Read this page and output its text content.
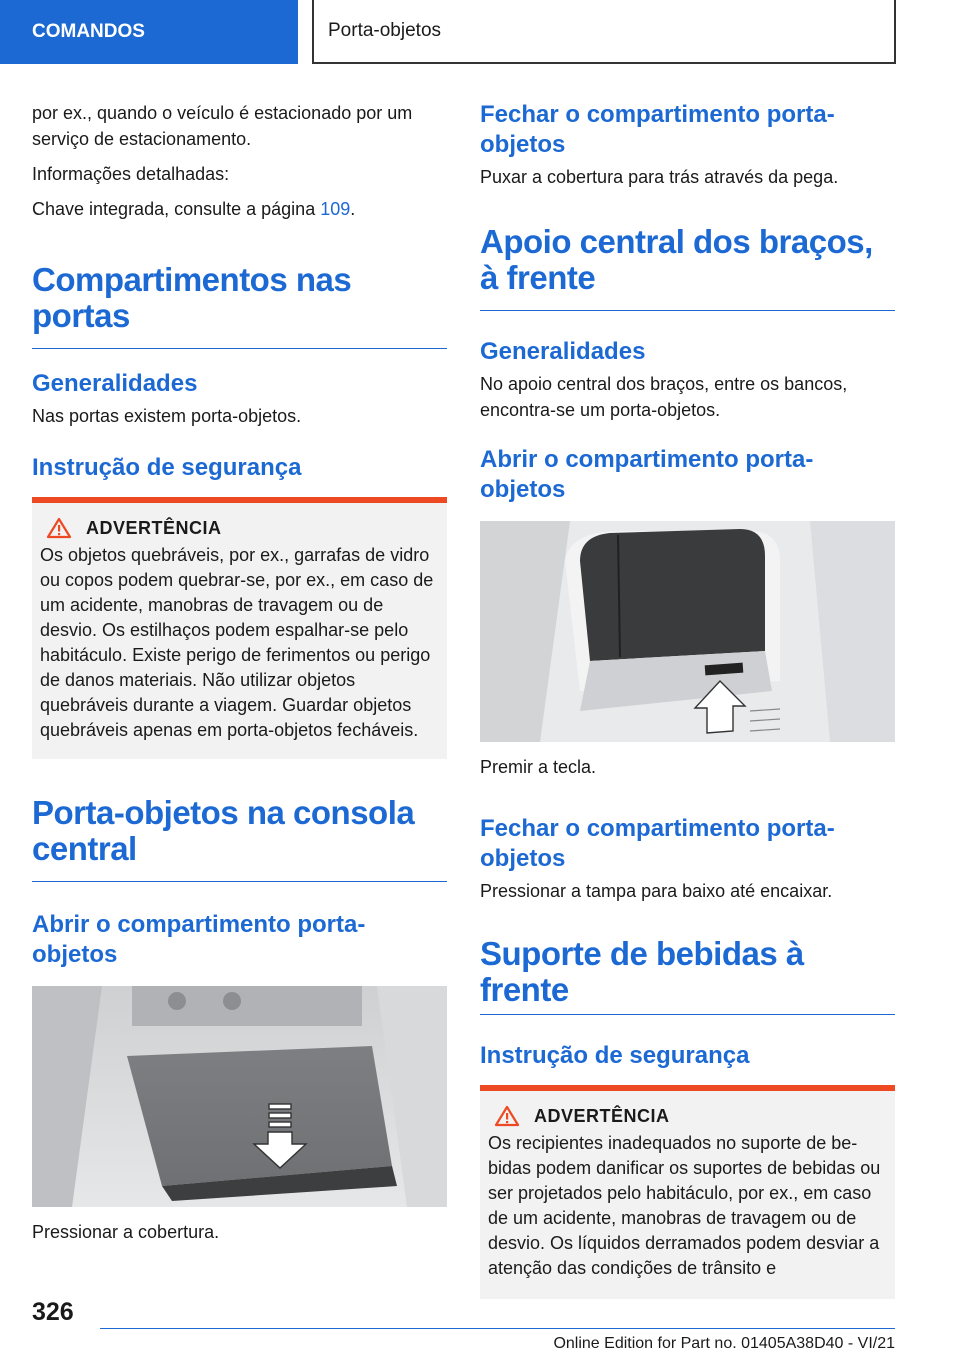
COMANDOS	Porta-objetos

por ex., quando o veículo é estacionado por um serviço de estacionamento.

Informações detalhadas:

Chave integrada, consulte a página 109.

Compartimentos nas portas
Generalidades

Nas portas existem porta-objetos.

Instrução de segurança
ADVERTÊNCIA

Os objetos quebráveis, por ex., garrafas de vidro ou copos podem quebrar-se, por ex., em caso de um acidente, manobras de travagem ou de desvio. Os estilhaços podem espalhar-se pelo habitáculo. Existe perigo de ferimentos ou perigo de danos materiais. Não utilizar objetos quebráveis durante a viagem. Guardar objetos quebráveis apenas em porta-objetos fecháveis.

Porta-objetos na consola central
Abrir o compartimento porta-objetos

Pressionar a cobertura.

Fechar o compartimento porta-objetos

Puxar a cobertura para trás através da pega.

Apoio central dos braços, à frente
Generalidades

No apoio central dos braços, entre os bancos, encontra-se um porta-objetos.

Abrir o compartimento porta-objetos

Premir a tecla.

Fechar o compartimento porta-objetos

Pressionar a tampa para baixo até encaixar.

Suporte de bebidas à frente
Instrução de segurança
ADVERTÊNCIA

Os recipientes inadequados no suporte de bebidas podem danificar os suportes de bebidas ou ser projetados pelo habitáculo, por ex., em caso de um acidente, manobras de travagem ou de desvio. Os líquidos derramados podem desviar a atenção das condições de trânsito e

326
Online Edition for Part no. 01405A38D40 - VI/21
